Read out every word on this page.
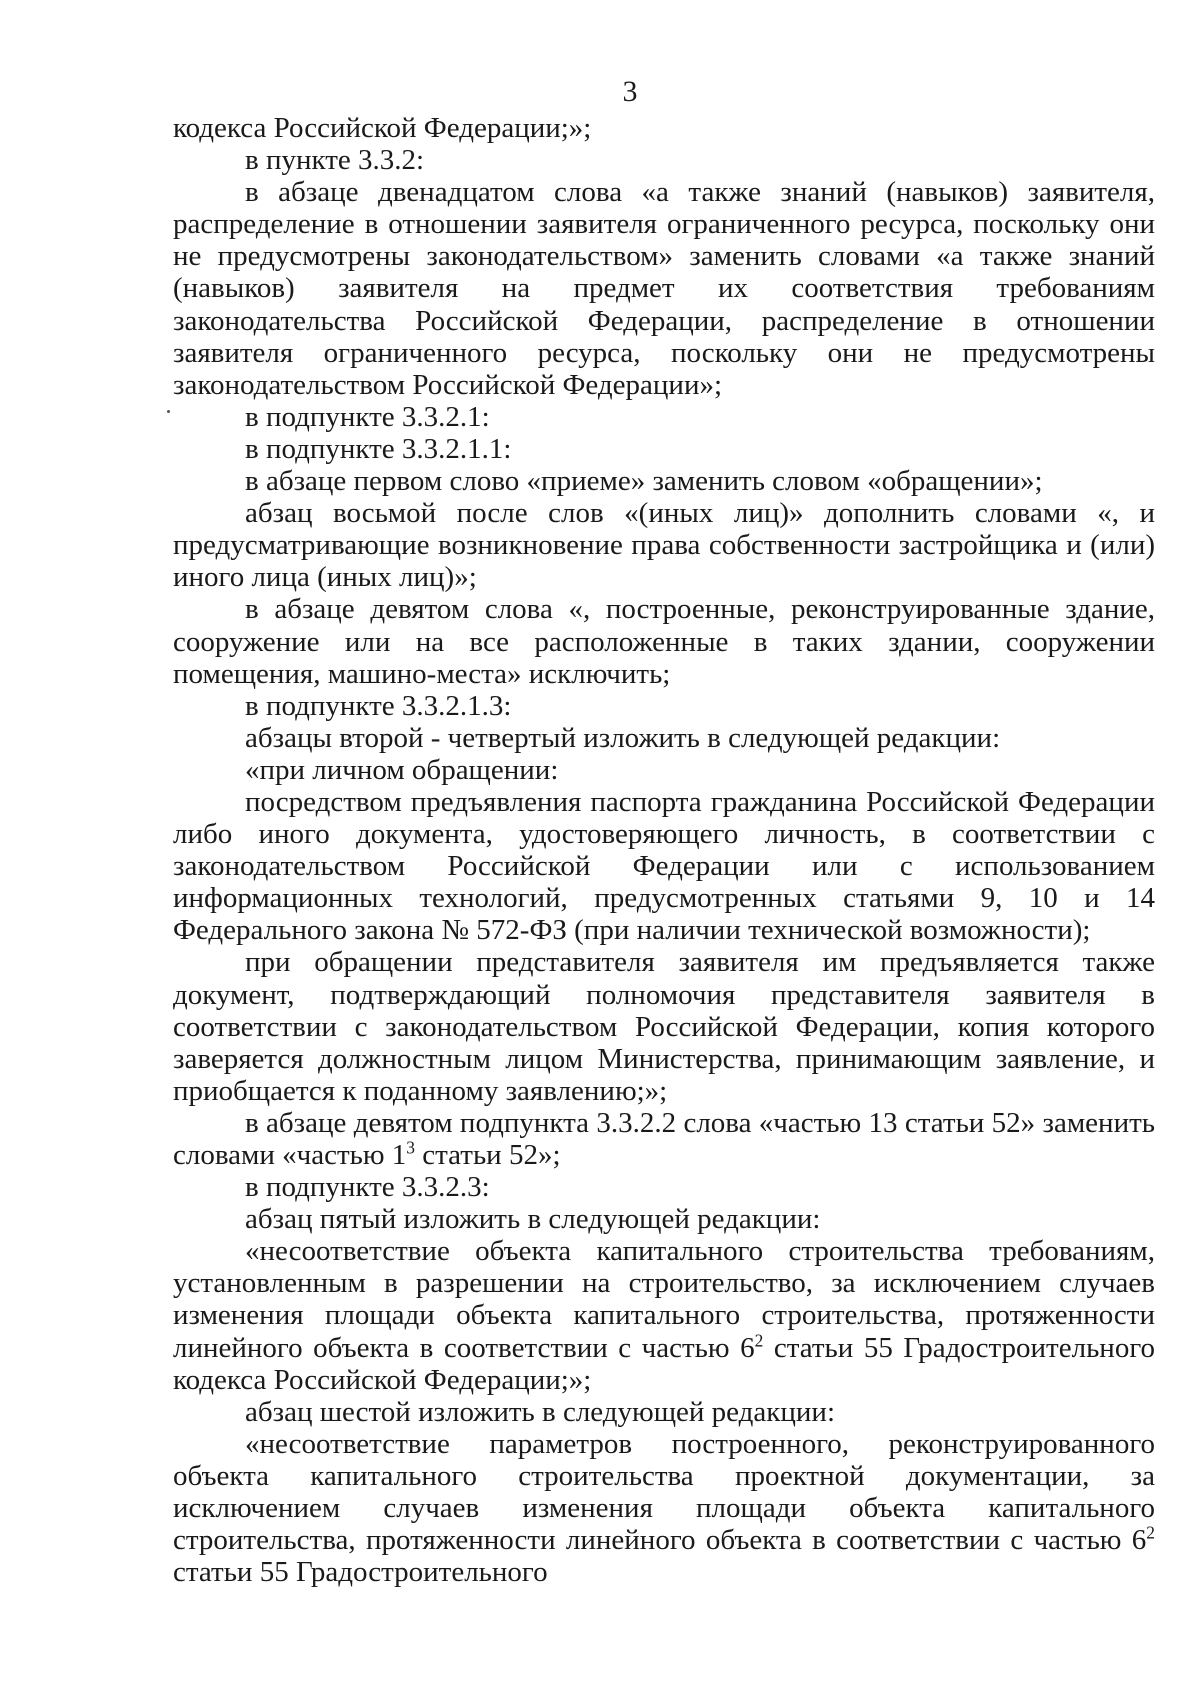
3

кодекса Российской Федерации;»;

в пункте 3.3.2:

в абзаце двенадцатом слова «а также знаний (навыков) заявителя, распределение в отношении заявителя ограниченного ресурса, поскольку они не предусмотрены законодательством» заменить словами «а также знаний (навыков) заявителя на предмет их соответствия требованиям законодательства Российской Федерации, распределение в отношении заявителя ограниченного ресурса, поскольку они не предусмотрены законодательством Российской Федерации»;

в подпункте 3.3.2.1:

в подпункте 3.3.2.1.1:

в абзаце первом слово «приеме» заменить словом «обращении»;

абзац восьмой после слов «(иных лиц)» дополнить словами «, и предусматривающие возникновение права собственности застройщика и (или) иного лица (иных лиц)»;

в абзаце девятом слова «, построенные, реконструированные здание, сооружение или на все расположенные в таких здании, сооружении помещения, машино-места» исключить;

в подпункте 3.3.2.1.3:

абзацы второй - четвертый изложить в следующей редакции:

«при личном обращении:

посредством предъявления паспорта гражданина Российской Федерации либо иного документа, удостоверяющего личность, в соответствии с законодательством Российской Федерации или с использованием информационных технологий, предусмотренных статьями 9, 10 и 14 Федерального закона № 572-ФЗ (при наличии технической возможности);

при обращении представителя заявителя им предъявляется также документ, подтверждающий полномочия представителя заявителя в соответствии с законодательством Российской Федерации, копия которого заверяется должностным лицом Министерства, принимающим заявление, и приобщается к поданному заявлению;»;

в абзаце девятом подпункта 3.3.2.2 слова «частью 13 статьи 52» заменить словами «частью $1^3$ статьи 52»;

в подпункте 3.3.2.3:

абзац пятый изложить в следующей редакции:

«несоответствие объекта капитального строительства требованиям, установленным в разрешении на строительство, за исключением случаев изменения площади объекта капитального строительства, протяженности линейного объекта в соответствии с частью $6^2$ статьи 55 Градостроительного кодекса Российской Федерации;»;

абзац шестой изложить в следующей редакции:

«несоответствие параметров построенного, реконструированного объекта капитального строительства проектной документации, за исключением случаев изменения площади объекта капитального строительства, протяженности линейного объекта в соответствии с частью $6^2$ статьи 55 Градостроительного
